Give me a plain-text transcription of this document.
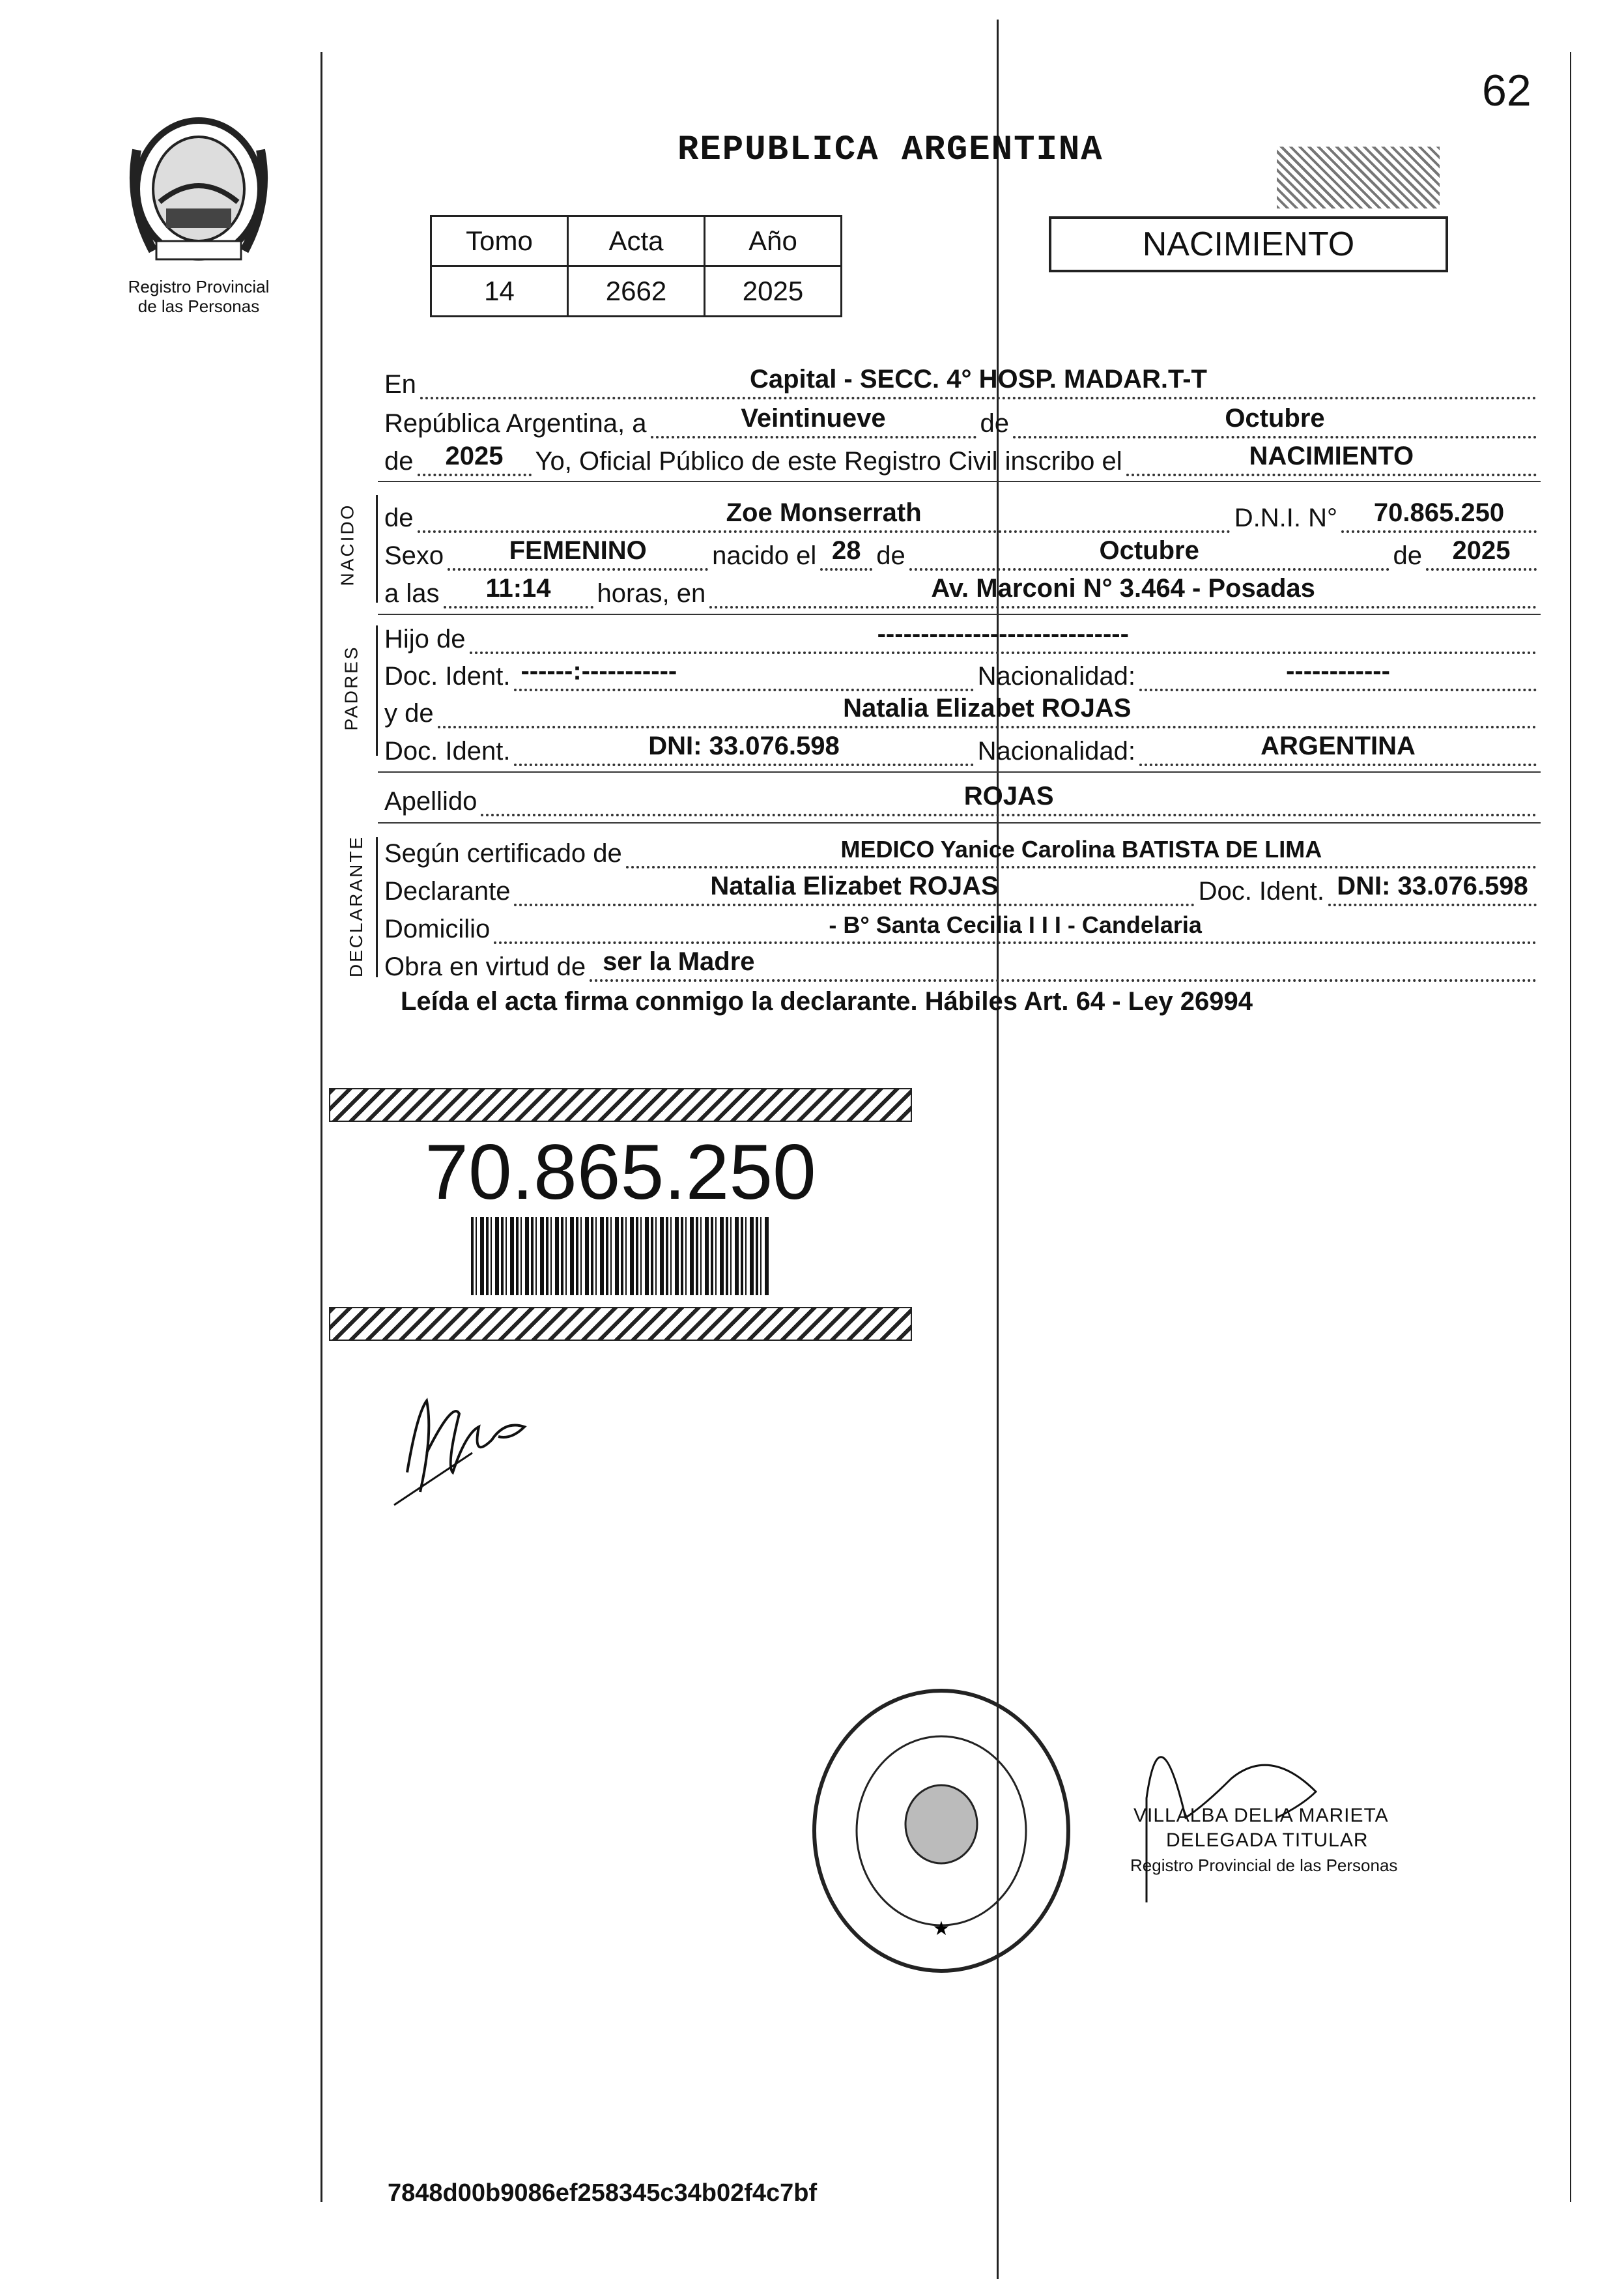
62
Registro Provincial
de las Personas
REPUBLICA ARGENTINA
Tomo	Acta	Año
14	2662	2025
NACIMIENTO
En	Capital - SECC. 4° HOSP. MADAR.T-T
República Argentina, a	Veintinueve	de	Octubre
de	2025	Yo, Oficial Público de este Registro Civil inscribo el	NACIMIENTO
NACIDO de	Zoe Monserrath	D.N.I. N°	70.865.250
Sexo	FEMENINO	nacido el 28 de	Octubre	de	2025
a las	11:14	horas, en	Av. Marconi N° 3.464 - Posadas
PADRES
Hijo de	-----------------------------
Doc. Ident. ------:-----------	Nacionalidad:	------------
y de	Natalia Elizabet ROJAS
Doc. Ident.	DNI: 33.076.598	Nacionalidad:	ARGENTINA
Apellido	ROJAS
DECLARANTE Según certificado de	MEDICO Yanice Carolina BATISTA DE LIMA
Declarante	Natalia Elizabet ROJAS	Doc. Ident. DNI: 33.076.598
Domicilio	- B° Santa Cecilia I I I - Candelaria
Obra en virtud de ser la Madre
Leída el acta firma conmigo la declarante. Hábiles Art. 64 - Ley 26994
70.865.250
★
VILLALBA DELIA MARIETA
DELEGADA TITULAR
Registro Provincial de las Personas
7848d00b9086ef258345c34b02f4c7bf
